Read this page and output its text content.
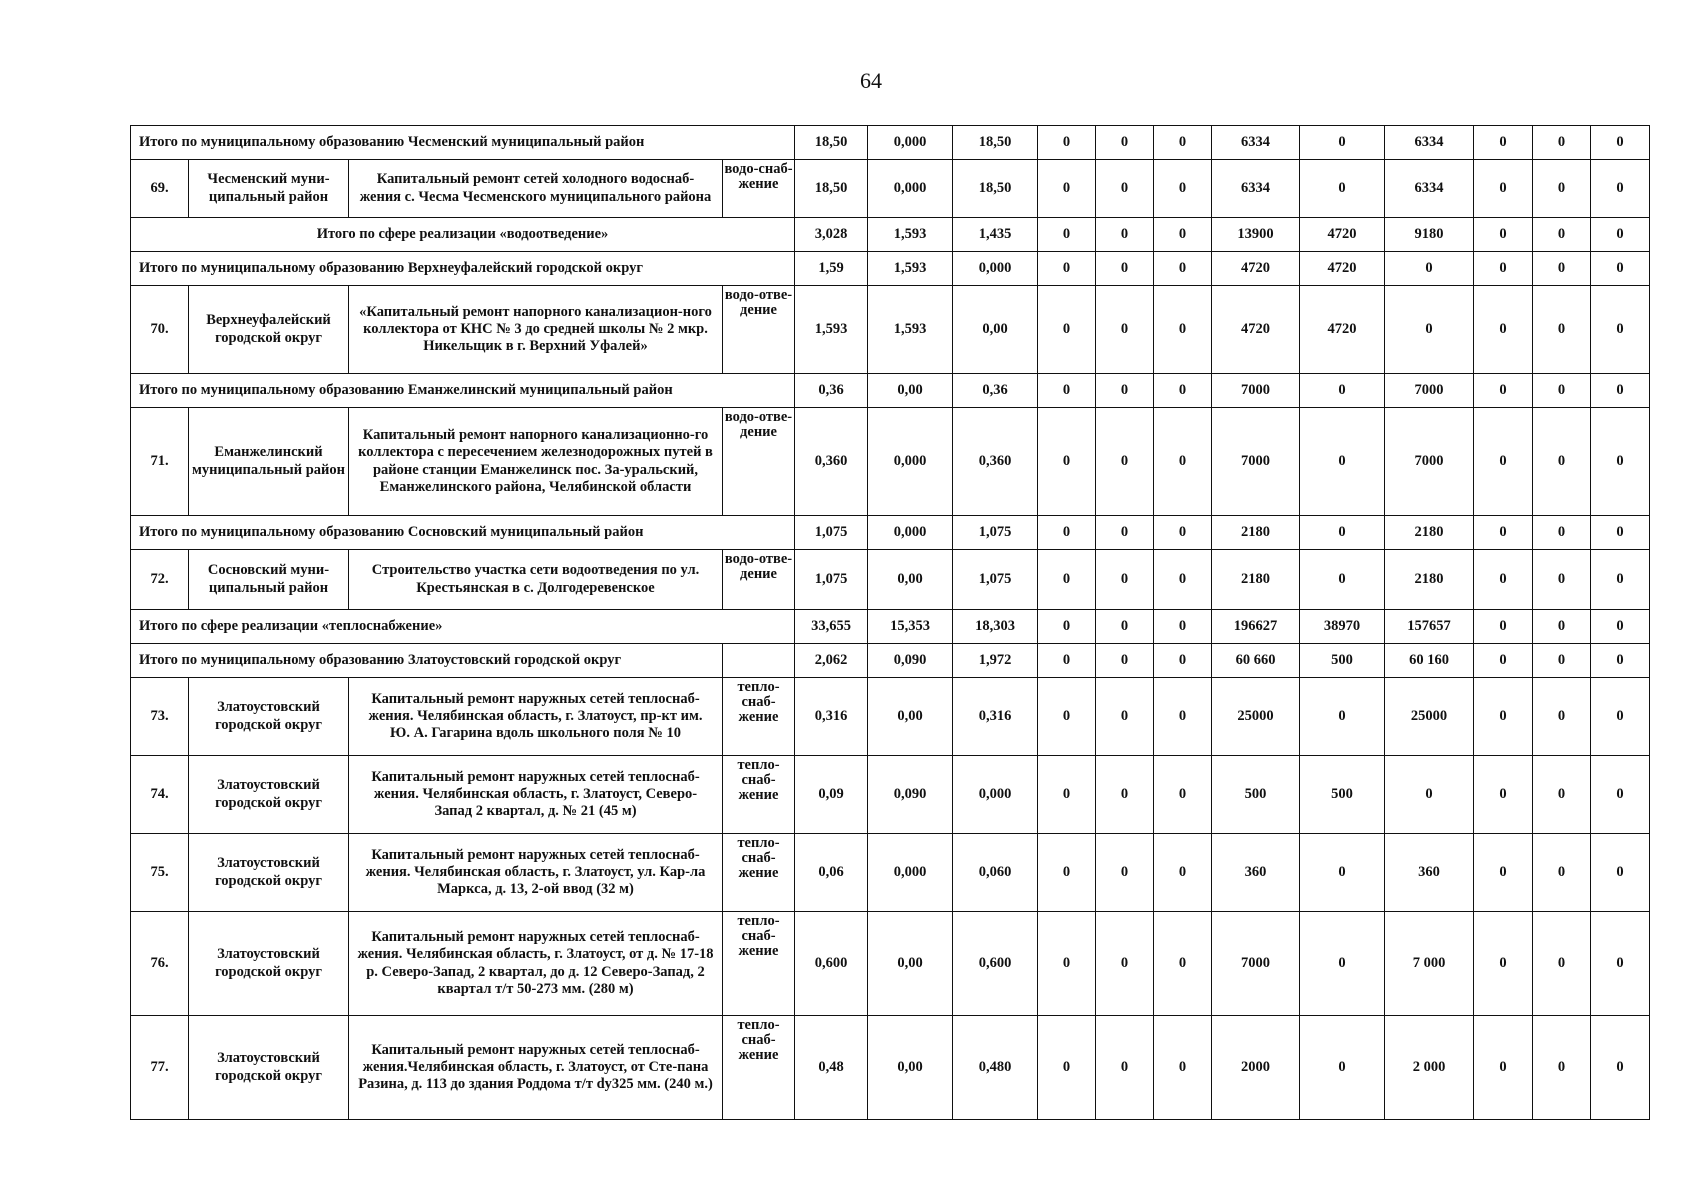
64
Итого по муниципальному образованию Чесменский муниципальный район				18,50	0,000	18,50	0	0	0	6334	0	6334	0	0	0
69.	Чесменский муни-ципальный район	Капитальный ремонт сетей холодного водоснаб-жения с. Чесма Чесменского муниципального района	водо-снаб-жение	18,50	0,000	18,50	0	0	0	6334	0	6334	0	0	0
Итого по сфере реализации «водоотведение»				3,028	1,593	1,435	0	0	0	13900	4720	9180	0	0	0
Итого по муниципальному образованию Верхнеуфалейский городской округ				1,59	1,593	0,000	0	0	0	4720	4720	0	0	0	0
70.	Верхнеуфалейский городской округ	«Капитальный ремонт напорного канализацион-ного коллектора от КНС № 3 до средней школы № 2 мкр. Никельщик в г. Верхний Уфалей»	водо-отве-дение	1,593	1,593	0,00	0	0	0	4720	4720	0	0	0	0
Итого по муниципальному образованию Еманжелинский муниципальный район				0,36	0,00	0,36	0	0	0	7000	0	7000	0	0	0
71.	Еманжелинский муниципальный район	Капитальный ремонт напорного канализационно-го коллектора с пересечением железнодорожных путей в районе станции Еманжелинск пос. За-уральский, Еманжелинского района, Челябинской области	водо-отве-дение	0,360	0,000	0,360	0	0	0	7000	0	7000	0	0	0
Итого по муниципальному образованию Сосновский муниципальный район				1,075	0,000	1,075	0	0	0	2180	0	2180	0	0	0
72.	Сосновский муни-ципальный район	Строительство участка сети водоотведения по ул. Крестьянская в с. Долгодеревенское	водо-отве-дение	1,075	0,00	1,075	0	0	0	2180	0	2180	0	0	0
Итого по сфере реализации «теплоснабжение»				33,655	15,353	18,303	0	0	0	196627	38970	157657	0	0	0
Итого по муниципальному образованию Златоустовский городской округ				2,062	0,090	1,972	0	0	0	60 660	500	60 160	0	0	0
73.	Златоустовский городской округ	Капитальный ремонт наружных сетей теплоснаб-жения. Челябинская область, г. Златоуст, пр-кт им. Ю. А. Гагарина вдоль школьного поля № 10	тепло-снаб-жение	0,316	0,00	0,316	0	0	0	25000	0	25000	0	0	0
74.	Златоустовский городской округ	Капитальный ремонт наружных сетей теплоснаб-жения. Челябинская область, г. Златоуст, Северо-Запад 2 квартал, д. № 21 (45 м)	тепло-снаб-жение	0,09	0,090	0,000	0	0	0	500	500	0	0	0	0
75.	Златоустовский городской округ	Капитальный ремонт наружных сетей теплоснаб-жения. Челябинская область, г. Златоуст, ул. Кар-ла Маркса, д. 13, 2-ой ввод (32 м)	тепло-снаб-жение	0,06	0,000	0,060	0	0	0	360	0	360	0	0	0
76.	Златоустовский городской округ	Капитальный ремонт наружных сетей теплоснаб-жения. Челябинская область, г. Златоуст, от д. № 17-18 р. Северо-Запад, 2 квартал, до д. 12 Северо-Запад, 2 квартал т/т 50-273 мм. (280 м)	тепло-снаб-жение	0,600	0,00	0,600	0	0	0	7000	0	7 000	0	0	0
77.	Златоустовский городской округ	Капитальный ремонт наружных сетей теплоснаб-жения.Челябинская область, г. Златоуст, от Сте-пана Разина, д. 113 до здания Роддома т/т dy325 мм. (240 м.)	тепло-снаб-жение	0,48	0,00	0,480	0	0	0	2000	0	2 000	0	0	0
